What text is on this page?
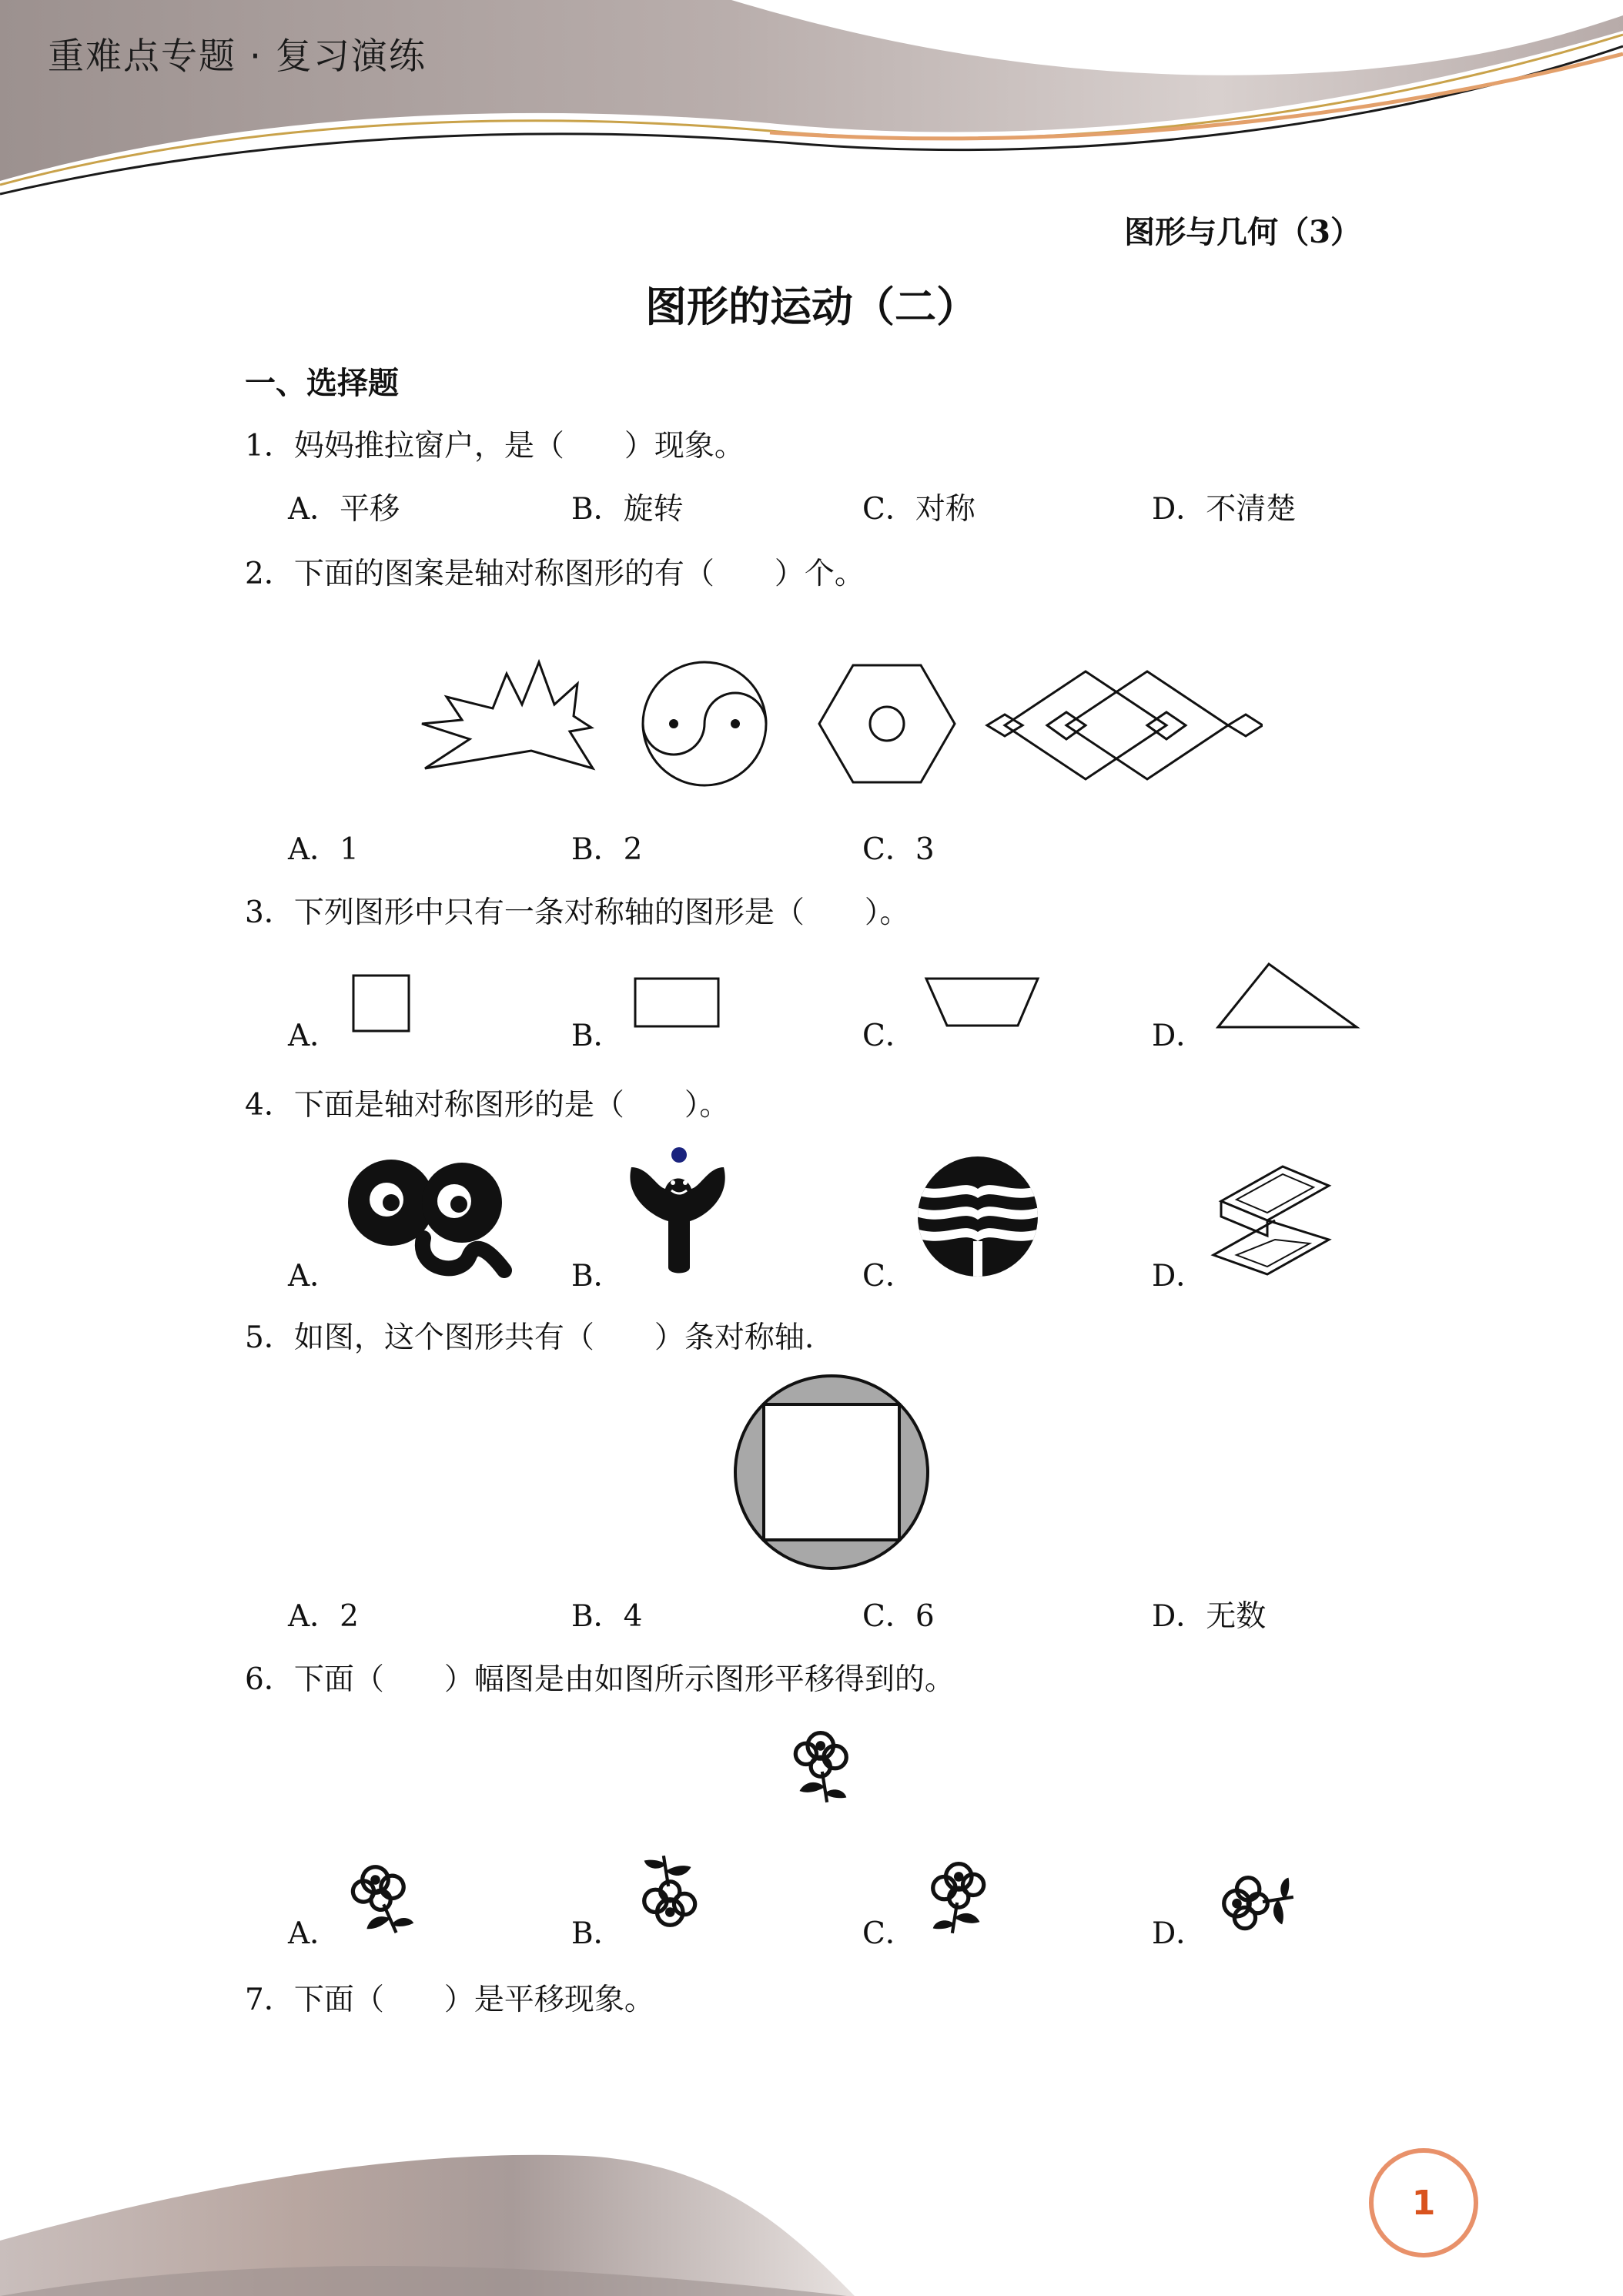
重难点专题 · 复习演练
图形与几何（3）
图形的运动（二）
一、选择题
1．妈妈推拉窗户，是（　　）现象。
A．平移	B．旋转	C．对称	D．不清楚
2．下面的图案是轴对称图形的有（　　）个。
A．1	B．2	C．3
3．下列图形中只有一条对称轴的图形是（　　）。
A．	B．	C．	D．
4．下面是轴对称图形的是（　　）。
A．	B．	C．	D．
5．如图，这个图形共有（　　）条对称轴.
A．2	B．4	C．6	D．无数
6．下面（　　）幅图是由如图所示图形平移得到的。
A．	B．	C．	D．
7．下面（　　）是平移现象。
1
